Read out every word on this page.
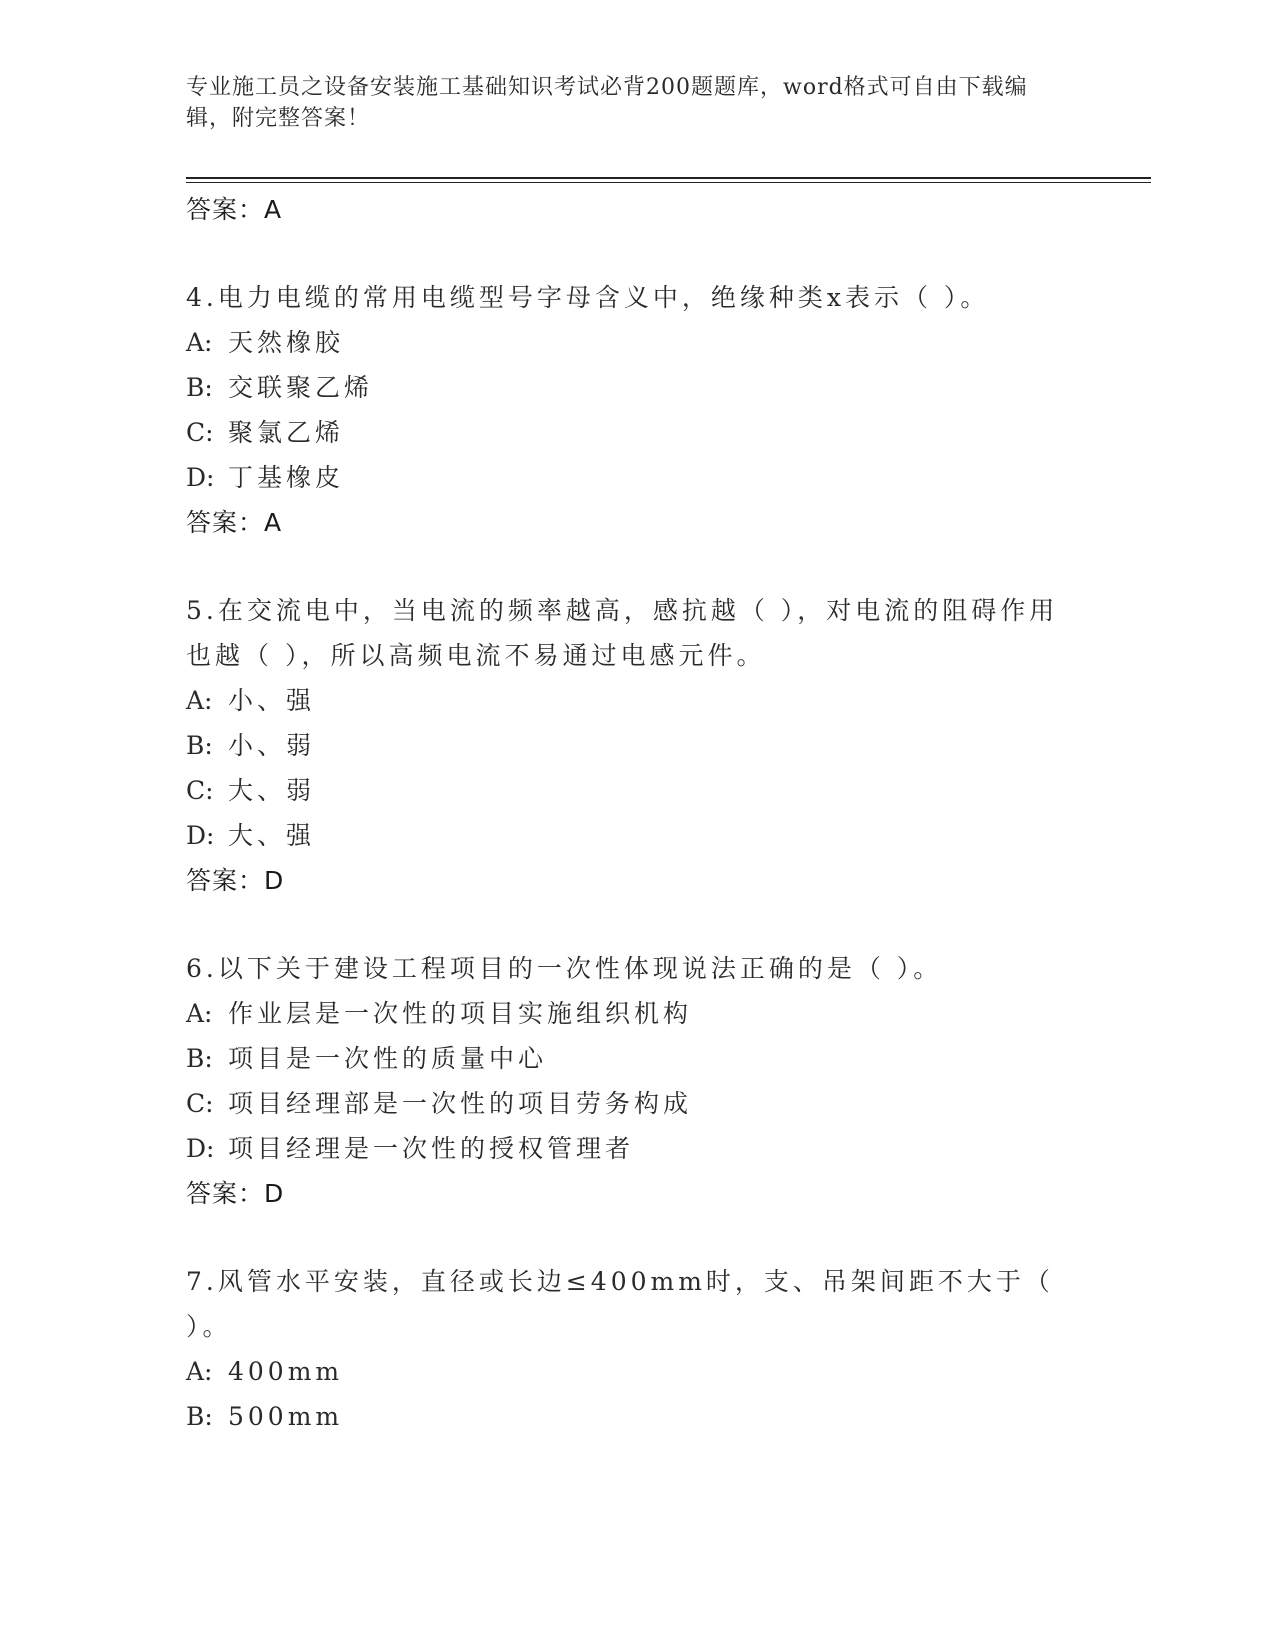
专业施工员之设备安装施工基础知识考试必背200题题库，word格式可自由下载编辑，附完整答案！
答案：A

4.电力电缆的常用电缆型号字母含义中，绝缘种类x表示（ ）。

A: 天然橡胶
B: 交联聚乙烯
C: 聚氯乙烯
D: 丁基橡皮
答案：A

5.在交流电中，当电流的频率越高，感抗越（ ），对电流的阻碍作用也越（ ），所以高频电流不易通过电感元件。

A: 小、强
B: 小、弱
C: 大、弱
D: 大、强
答案：D

6.以下关于建设工程项目的一次性体现说法正确的是（ ）。

A: 作业层是一次性的项目实施组织机构
B: 项目是一次性的质量中心
C: 项目经理部是一次性的项目劳务构成
D: 项目经理是一次性的授权管理者
答案：D

7.风管水平安装，直径或长边≤400mm时，支、吊架间距不大于（ ）。

A: 400mm
B: 500mm
